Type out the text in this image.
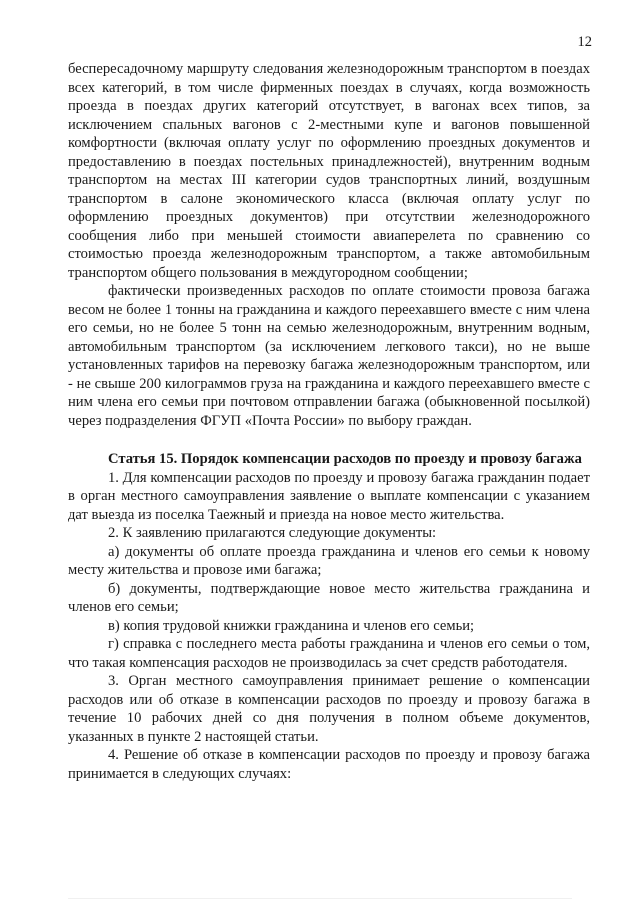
12

беспересадочному маршруту следования железнодорожным транспортом в поездах всех категорий, в том числе фирменных поездах в случаях, когда возможность проезда в поездах других категорий отсутствует, в вагонах всех типов, за исключением спальных вагонов с 2-местными купе и вагонов повышенной комфортности (включая оплату услуг по оформлению проездных документов и предоставлению в поездах постельных принадлежностей), внутренним водным транспортом на местах III категории судов транспортных линий, воздушным транспортом в салоне экономического класса (включая оплату услуг по оформлению проездных документов) при отсутствии железнодорожного сообщения либо при меньшей стоимости авиаперелета по сравнению со стоимостью проезда железнодорожным транспортом, а также автомобильным транспортом общего пользования в междугородном сообщении;

фактически произведенных расходов по оплате стоимости провоза багажа весом не более 1 тонны на гражданина и каждого переехавшего вместе с ним члена его семьи, но не более 5 тонн на семью железнодорожным, внутренним водным, автомобильным транспортом (за исключением легкового такси), но не выше установленных тарифов на перевозку багажа железнодорожным транспортом, или - не свыше 200 килограммов груза на гражданина и каждого переехавшего вместе с ним члена его семьи при почтовом отправлении багажа (обыкновенной посылкой) через подразделения ФГУП «Почта России» по выбору граждан.

Статья 15. Порядок компенсации расходов по проезду и провозу багажа

1. Для компенсации расходов по проезду и провозу багажа гражданин подает в орган местного самоуправления заявление о выплате компенсации с указанием дат выезда из поселка Таежный и приезда на новое место жительства.

2. К заявлению прилагаются следующие документы:

а) документы об оплате проезда гражданина и членов его семьи к новому месту жительства и провозе ими багажа;

б) документы, подтверждающие новое место жительства гражданина и членов его семьи;

в) копия трудовой книжки гражданина и членов его семьи;

г) справка с последнего места работы гражданина и членов его семьи о том, что такая компенсация расходов не производилась за счет средств работодателя.

3. Орган местного самоуправления принимает решение о компенсации расходов или об отказе в компенсации расходов по проезду и провозу багажа в течение 10 рабочих дней со дня получения в полном объеме документов, указанных в пункте 2 настоящей статьи.

4. Решение об отказе в компенсации расходов по проезду и провозу багажа принимается в следующих случаях:
